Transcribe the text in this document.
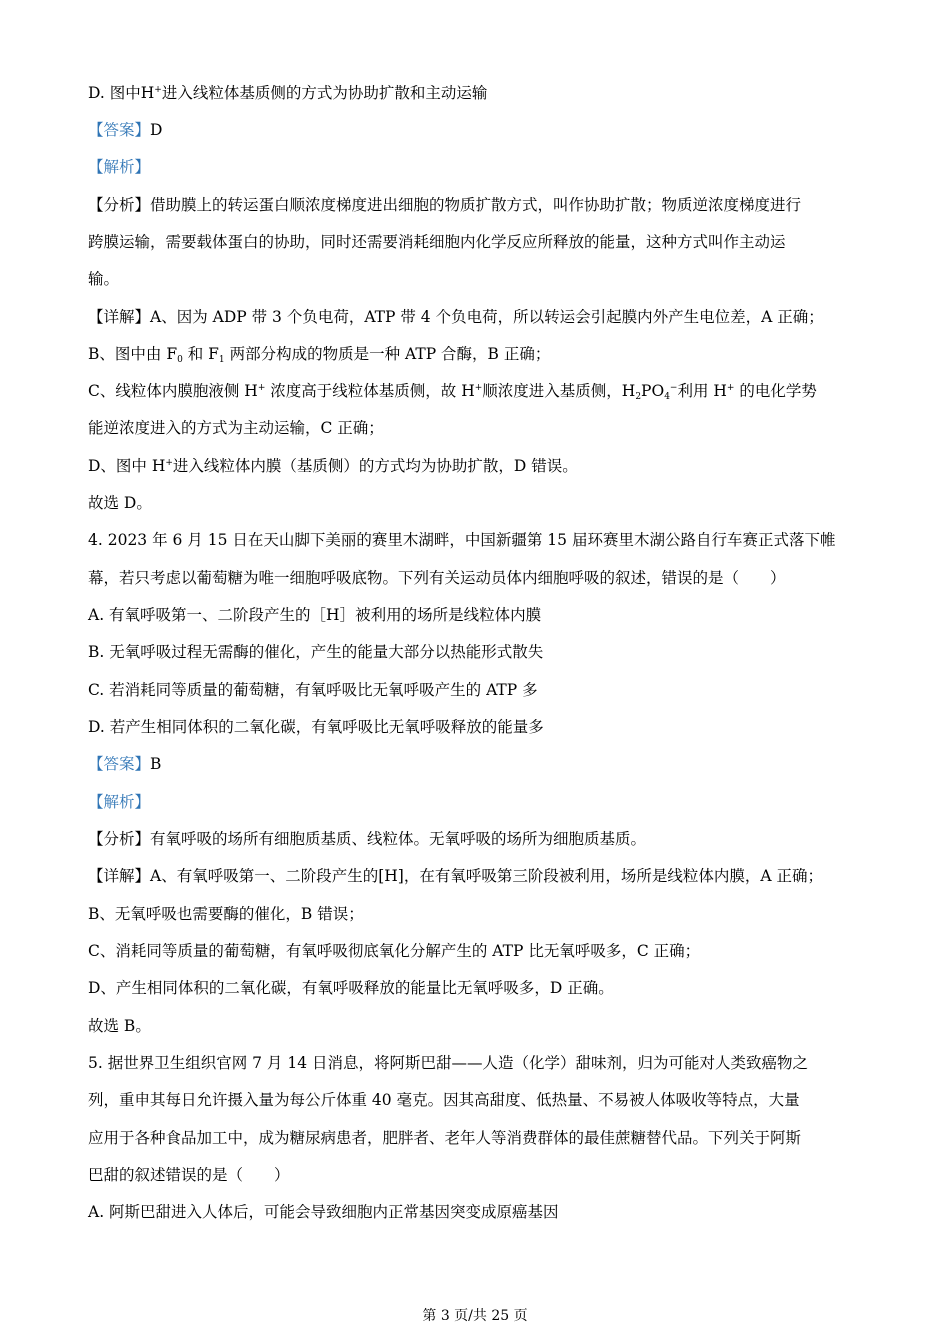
D. 图中H+进入线粒体基质侧的方式为协助扩散和主动运输
【答案】D
【解析】
【分析】借助膜上的转运蛋白顺浓度梯度进出细胞的物质扩散方式，叫作协助扩散；物质逆浓度梯度进行
跨膜运输，需要载体蛋白的协助，同时还需要消耗细胞内化学反应所释放的能量，这种方式叫作主动运
输。
【详解】A、因为 ADP 带 3 个负电荷，ATP 带 4 个负电荷，所以转运会引起膜内外产生电位差，A 正确；
B、图中由 $F_0$ 和 $F_1$ 两部分构成的物质是一种 ATP 合酶，B 正确；
C、线粒体内膜胞液侧 H+ 浓度高于线粒体基质侧，故 H+顺浓度进入基质侧，$H_2PO_4^-$利用 H+ 的电化学势
能逆浓度进入的方式为主动运输，C 正确；
D、图中 H+进入线粒体内膜（基质侧）的方式均为协助扩散，D 错误。
故选 D。
4. 2023 年 6 月 15 日在天山脚下美丽的赛里木湖畔，中国新疆第 15 届环赛里木湖公路自行车赛正式落下帷
幕，若只考虑以葡萄糖为唯一细胞呼吸底物。下列有关运动员体内细胞呼吸的叙述，错误的是（　　）
A. 有氧呼吸第一、二阶段产生的［H］被利用的场所是线粒体内膜
B. 无氧呼吸过程无需酶的催化，产生的能量大部分以热能形式散失
C. 若消耗同等质量的葡萄糖，有氧呼吸比无氧呼吸产生的 ATP 多
D. 若产生相同体积的二氧化碳，有氧呼吸比无氧呼吸释放的能量多
【答案】B
【解析】
【分析】有氧呼吸的场所有细胞质基质、线粒体。无氧呼吸的场所为细胞质基质。
【详解】A、有氧呼吸第一、二阶段产生的[H]，在有氧呼吸第三阶段被利用，场所是线粒体内膜，A 正确；
B、无氧呼吸也需要酶的催化，B 错误；
C、消耗同等质量的葡萄糖，有氧呼吸彻底氧化分解产生的 ATP 比无氧呼吸多，C 正确；
D、产生相同体积的二氧化碳，有氧呼吸释放的能量比无氧呼吸多，D 正确。
故选 B。
5. 据世界卫生组织官网 7 月 14 日消息，将阿斯巴甜——人造（化学）甜味剂，归为可能对人类致癌物之
列，重申其每日允许摄入量为每公斤体重 40 毫克。因其高甜度、低热量、不易被人体吸收等特点，大量
应用于各种食品加工中，成为糖尿病患者，肥胖者、老年人等消费群体的最佳蔗糖替代品。下列关于阿斯
巴甜的叙述错误的是（　　）
A. 阿斯巴甜进入人体后，可能会导致细胞内正常基因突变成原癌基因
第 3 页/共 25 页
